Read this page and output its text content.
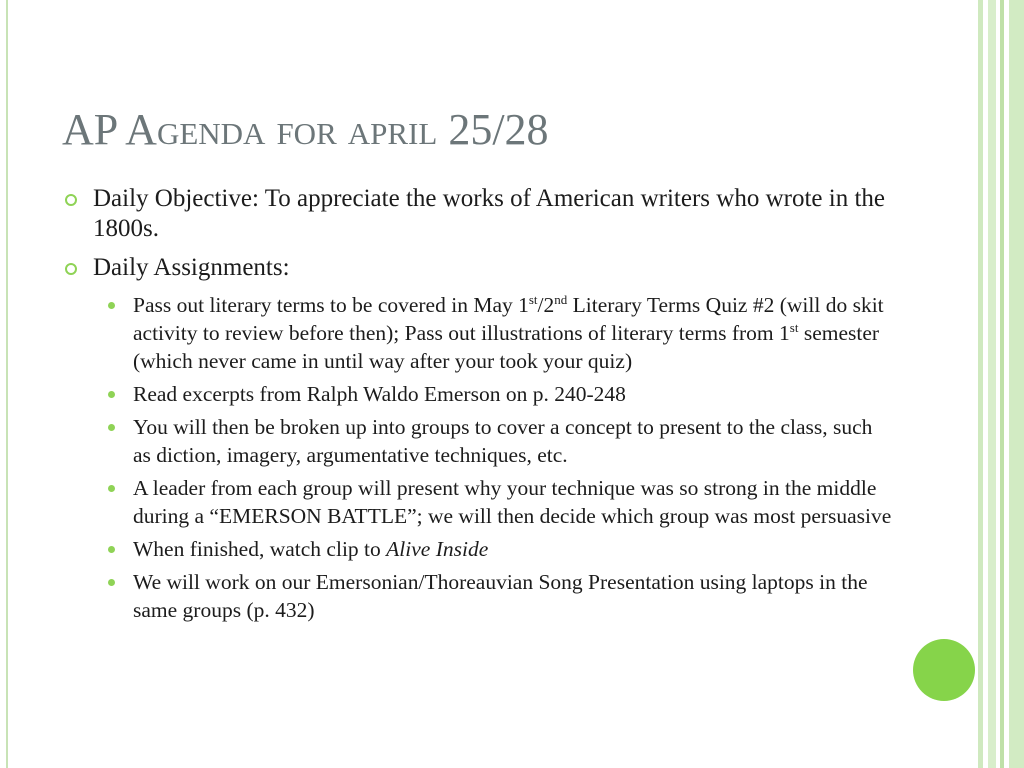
AP Agenda for april 25/28
Daily Objective: To appreciate the works of American writers who wrote in the 1800s.
Daily Assignments:
Pass out literary terms to be covered in May 1st/2nd Literary Terms Quiz #2 (will do skit activity to review before then); Pass out illustrations of literary terms from 1st semester (which never came in until way after your took your quiz)
Read excerpts from Ralph Waldo Emerson on p. 240-248
You will then be broken up into groups to cover a concept to present to the class, such as diction, imagery, argumentative techniques, etc.
A leader from each group will present why your technique was so strong in the middle during a “EMERSON BATTLE”; we will then decide which group was most persuasive
When finished, watch clip to Alive Inside
We will work on our Emersonian/Thoreauvian Song Presentation using laptops in the same groups (p. 432)
